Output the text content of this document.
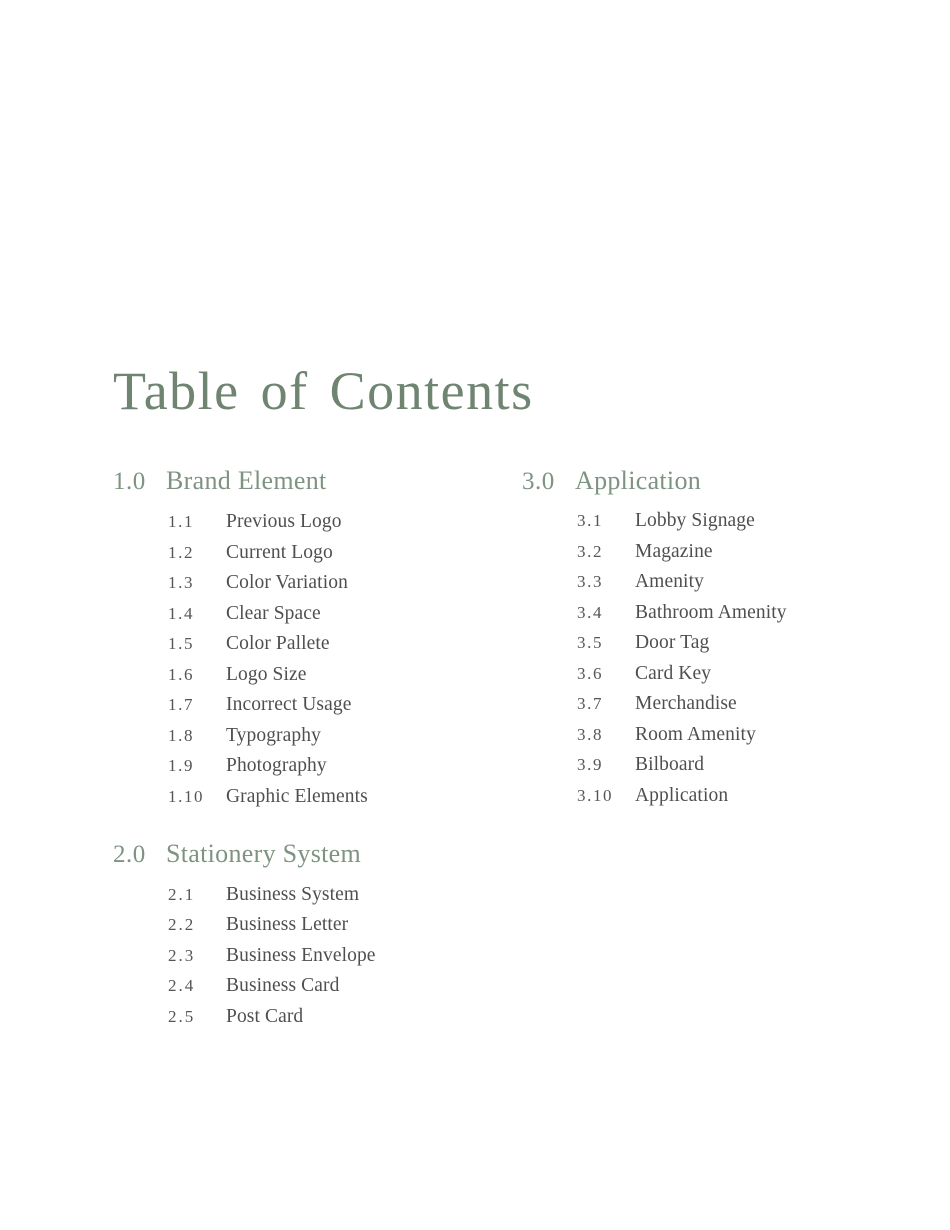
Table of Contents
1.0 Brand Element
1.1	Previous Logo
1.2	Current Logo
1.3	Color Variation
1.4	Clear Space
1.5	Color Pallete
1.6	Logo Size
1.7	Incorrect Usage
1.8	Typography
1.9	Photography
1.10	Graphic Elements
2.0 Stationery System
2.1	Business System
2.2	Business Letter
2.3	Business Envelope
2.4	Business Card
2.5	Post Card
3.0 Application
3.1	Lobby Signage
3.2	Magazine
3.3	Amenity
3.4	Bathroom Amenity
3.5	Door Tag
3.6	Card Key
3.7	Merchandise
3.8	Room Amenity
3.9	Bilboard
3.10	Application
